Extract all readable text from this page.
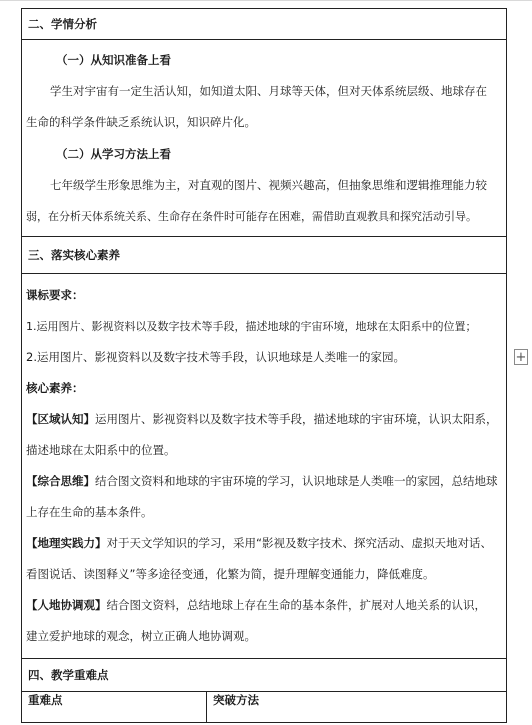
二、学情分析
（一）从知识准备上看
学生对宇宙有一定生活认知，如知道太阳、月球等天体，但对天体系统层级、地球存在
生命的科学条件缺乏系统认识，知识碎片化。
（二）从学习方法上看
七年级学生形象思维为主，对直观的图片、视频兴趣高，但抽象思维和逻辑推理能力较
弱，在分析天体系统关系、生命存在条件时可能存在困难，需借助直观教具和探究活动引导。
三、落实核心素养
课标要求：
1.运用图片、影视资料以及数字技术等手段，描述地球的宇宙环境，地球在太阳系中的位置；
2.运用图片、影视资料以及数字技术等手段，认识地球是人类唯一的家园。
核心素养：
【区域认知】运用图片、影视资料以及数字技术等手段，描述地球的宇宙环境，认识太阳系，
描述地球在太阳系中的位置。
【综合思维】结合图文资料和地球的宇宙环境的学习，认识地球是人类唯一的家园，总结地球
上存在生命的基本条件。
【地理实践力】对于天文学知识的学习，采用“影视及数字技术、探究活动、虚拟天地对话、
看图说话、读图释义”等多途径变通，化繁为简，提升理解变通能力，降低难度。
【人地协调观】结合图文资料，总结地球上存在生命的基本条件，扩展对人地关系的认识，
建立爱护地球的观念，树立正确人地协调观。
四、教学重难点
重难点	突破方法
+
